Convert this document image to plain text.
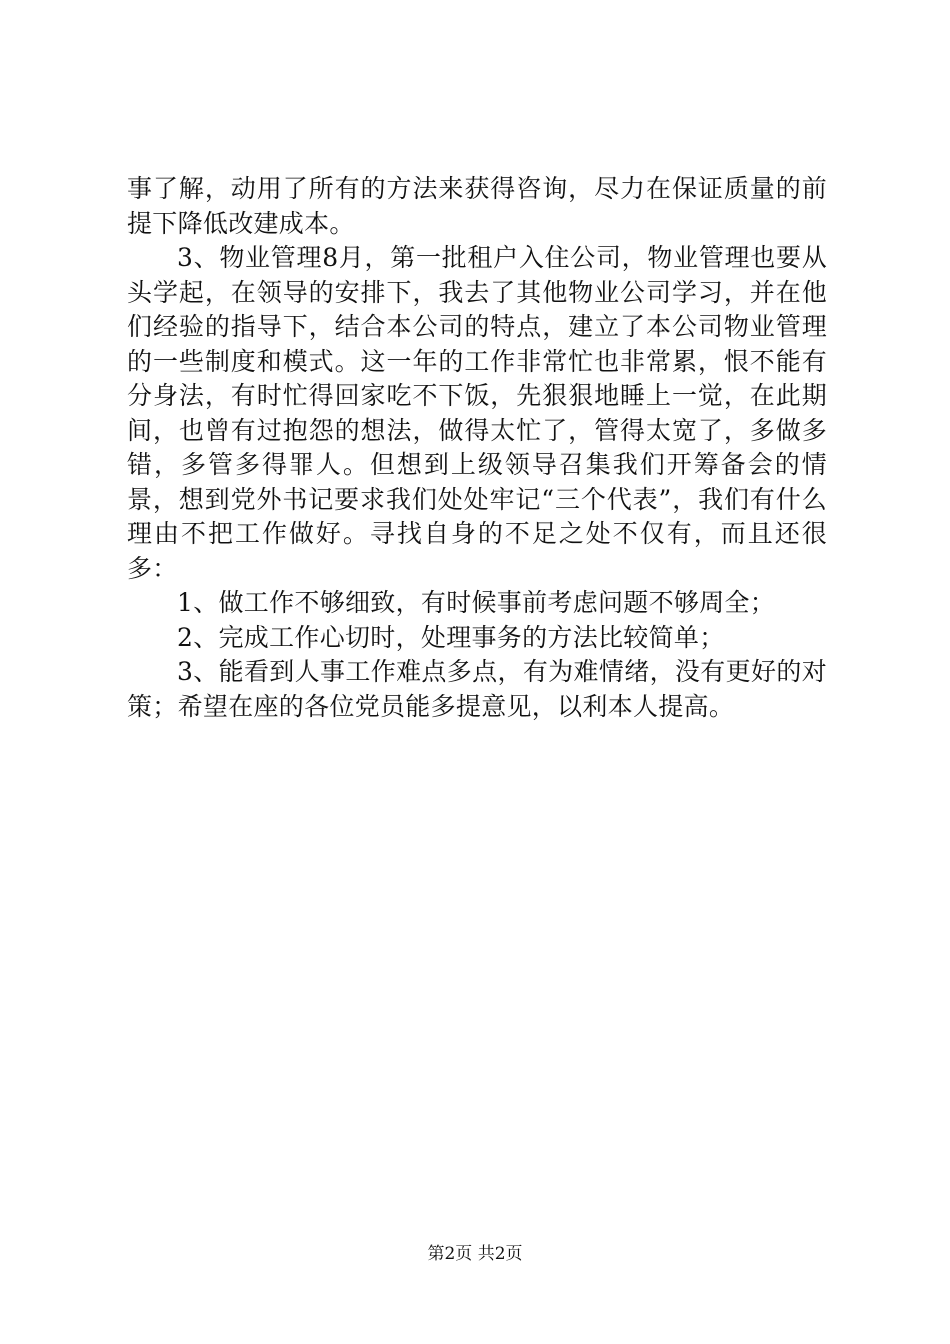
事了解，动用了所有的方法来获得咨询，尽力在保证质量的前提下降低改建成本。

3、物业管理8月，第一批租户入住公司，物业管理也要从头学起，在领导的安排下，我去了其他物业公司学习，并在他们经验的指导下，结合本公司的特点，建立了本公司物业管理的一些制度和模式。这一年的工作非常忙也非常累，恨不能有分身法，有时忙得回家吃不下饭，先狠狠地睡上一觉，在此期间，也曾有过抱怨的想法，做得太忙了，管得太宽了，多做多错，多管多得罪人。但想到上级领导召集我们开筹备会的情景，想到党外书记要求我们处处牢记“三个代表”，我们有什么理由不把工作做好。寻找自身的不足之处不仅有，而且还很多：

1、做工作不够细致，有时候事前考虑问题不够周全；

2、完成工作心切时，处理事务的方法比较简单；

3、能看到人事工作难点多点，有为难情绪，没有更好的对策；希望在座的各位党员能多提意见，以利本人提高。

第2页 共2页
